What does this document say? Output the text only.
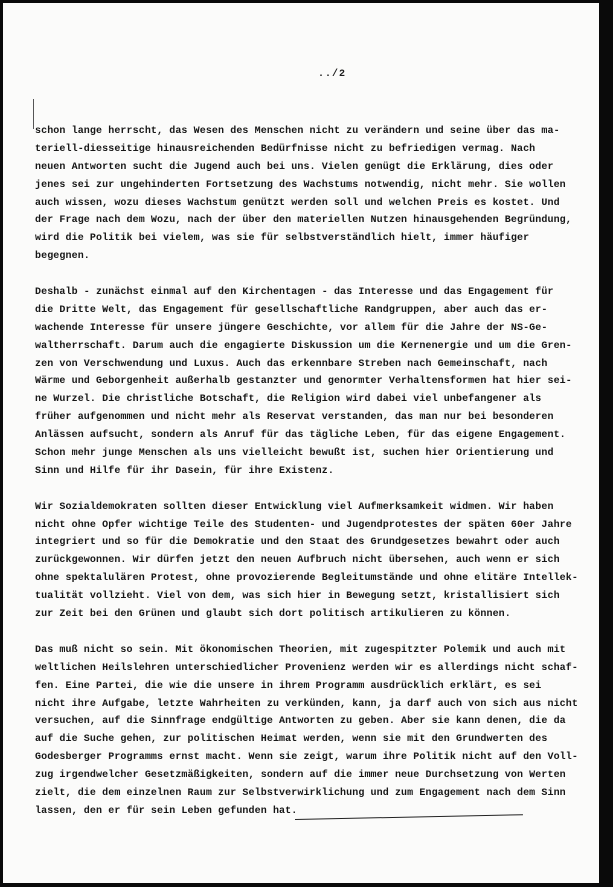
../2
schon lange herrscht, das Wesen des Menschen nicht zu verändern und seine über das ma-
teriell-diesseitige hinausreichenden Bedürfnisse nicht zu befriedigen vermag. Nach
neuen Antworten sucht die Jugend auch bei uns. Vielen genügt die Erklärung, dies oder
jenes sei zur ungehinderten Fortsetzung des Wachstums notwendig, nicht mehr. Sie wollen
auch wissen, wozu dieses Wachstum genützt werden soll und welchen Preis es kostet. Und
der Frage nach dem Wozu, nach der über den materiellen Nutzen hinausgehenden Begründung,
wird die Politik bei vielem, was sie für selbstverständlich hielt, immer häufiger
begegnen.
Deshalb - zunächst einmal auf den Kirchentagen - das Interesse und das Engagement für
die Dritte Welt, das Engagement für gesellschaftliche Randgruppen, aber auch das er-
wachende Interesse für unsere jüngere Geschichte, vor allem für die Jahre der NS-Ge-
waltherrschaft. Darum auch die engagierte Diskussion um die Kernenergie und um die Gren-
zen von Verschwendung und Luxus. Auch das erkennbare Streben nach Gemeinschaft, nach
Wärme und Geborgenheit außerhalb gestanzter und genormter Verhaltensformen hat hier sei-
ne Wurzel. Die christliche Botschaft, die Religion wird dabei viel unbefangener als
früher aufgenommen und nicht mehr als Reservat verstanden, das man nur bei besonderen
Anlässen aufsucht, sondern als Anruf für das tägliche Leben, für das eigene Engagement.
Schon mehr junge Menschen als uns vielleicht bewußt ist, suchen hier Orientierung und
Sinn und Hilfe für ihr Dasein, für ihre Existenz.
Wir Sozialdemokraten sollten dieser Entwicklung viel Aufmerksamkeit widmen. Wir haben
nicht ohne Opfer wichtige Teile des Studenten- und Jugendprotestes der späten 60er Jahre
integriert und so für die Demokratie und den Staat des Grundgesetzes bewahrt oder auch
zurückgewonnen. Wir dürfen jetzt den neuen Aufbruch nicht übersehen, auch wenn er sich
ohne spektalulären Protest, ohne provozierende Begleitumstände und ohne elitäre Intellek-
tualität vollzieht. Viel von dem, was sich hier in Bewegung setzt, kristallisiert sich
zur Zeit bei den Grünen und glaubt sich dort politisch artikulieren zu können.
Das muß nicht so sein. Mit ökonomischen Theorien, mit zugespitzter Polemik und auch mit
weltlichen Heilslehren unterschiedlicher Provenienz werden wir es allerdings nicht schaf-
fen. Eine Partei, die wie die unsere in ihrem Programm ausdrücklich erklärt, es sei
nicht ihre Aufgabe, letzte Wahrheiten zu verkünden, kann, ja darf auch von sich aus nicht
versuchen, auf die Sinnfrage endgültige Antworten zu geben. Aber sie kann denen, die da
auf die Suche gehen, zur politischen Heimat werden, wenn sie mit den Grundwerten des
Godesberger Programms ernst macht. Wenn sie zeigt, warum ihre Politik nicht auf den Voll-
zug irgendwelcher Gesetzmäßigkeiten, sondern auf die immer neue Durchsetzung von Werten
zielt, die dem einzelnen Raum zur Selbstverwirklichung und zum Engagement nach dem Sinn
lassen, den er für sein Leben gefunden hat.
